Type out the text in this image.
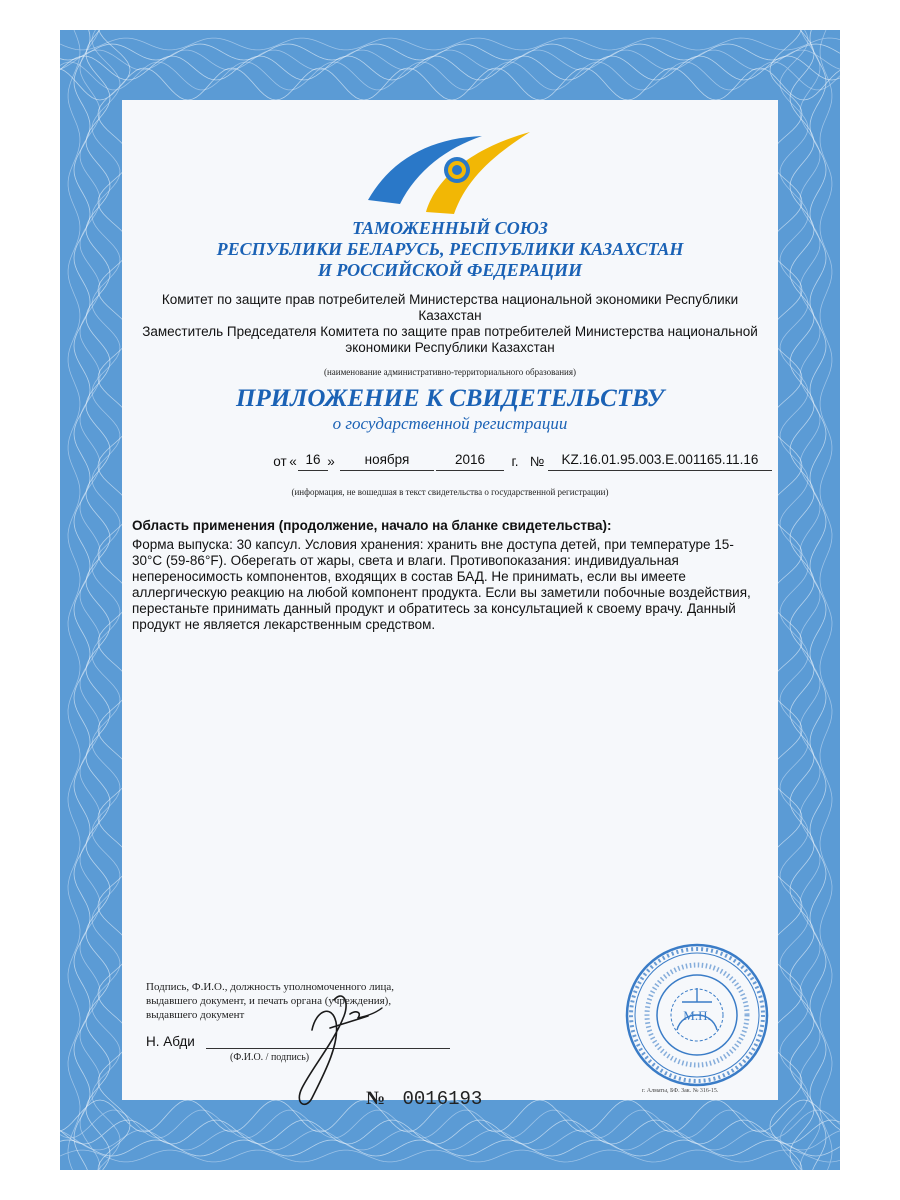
ТАМОЖЕННЫЙ СОЮЗ
РЕСПУБЛИКИ БЕЛАРУСЬ, РЕСПУБЛИКИ КАЗАХСТАН
И РОССИЙСКОЙ ФЕДЕРАЦИИ
Комитет по защите прав потребителей Министерства национальной экономики Республики
Казахстан
Заместитель Председателя Комитета по защите прав потребителей Министерства национальной
экономики Республики Казахстан
(наименование административно-территориального образования)
ПРИЛОЖЕНИЕ К СВИДЕТЕЛЬСТВУ
о государственной регистрации
от « 16 »	ноября	2016	г. №	KZ.16.01.95.003.E.001165.11.16
(информация, не вошедшая в текст свидетельства о государственной регистрации)
Область применения (продолжение, начало на бланке свидетельства):
Форма выпуска: 30 капсул. Условия хранения: хранить вне доступа детей, при температуре 15-
30°С (59-86°F). Оберегать от жары, света и влаги. Противопоказания: индивидуальная
непереносимость компонентов, входящих в состав БАД. Не принимать, если вы имеете
аллергическую реакцию на любой компонент продукта. Если вы заметили побочные воздействия,
перестаньте принимать данный продукт и обратитесь за консультацией к своему врачу. Данный
продукт не является лекарственным средством.
Подпись, Ф.И.О., должность уполномоченного лица,
выдавшего документ, и печать органа (учреждения),
выдавшего документ
Н. Абди
(Ф.И.О. / подпись)
М.П.
№ 0016193	г. Алматы, БФ. Зак. № 316-15.
